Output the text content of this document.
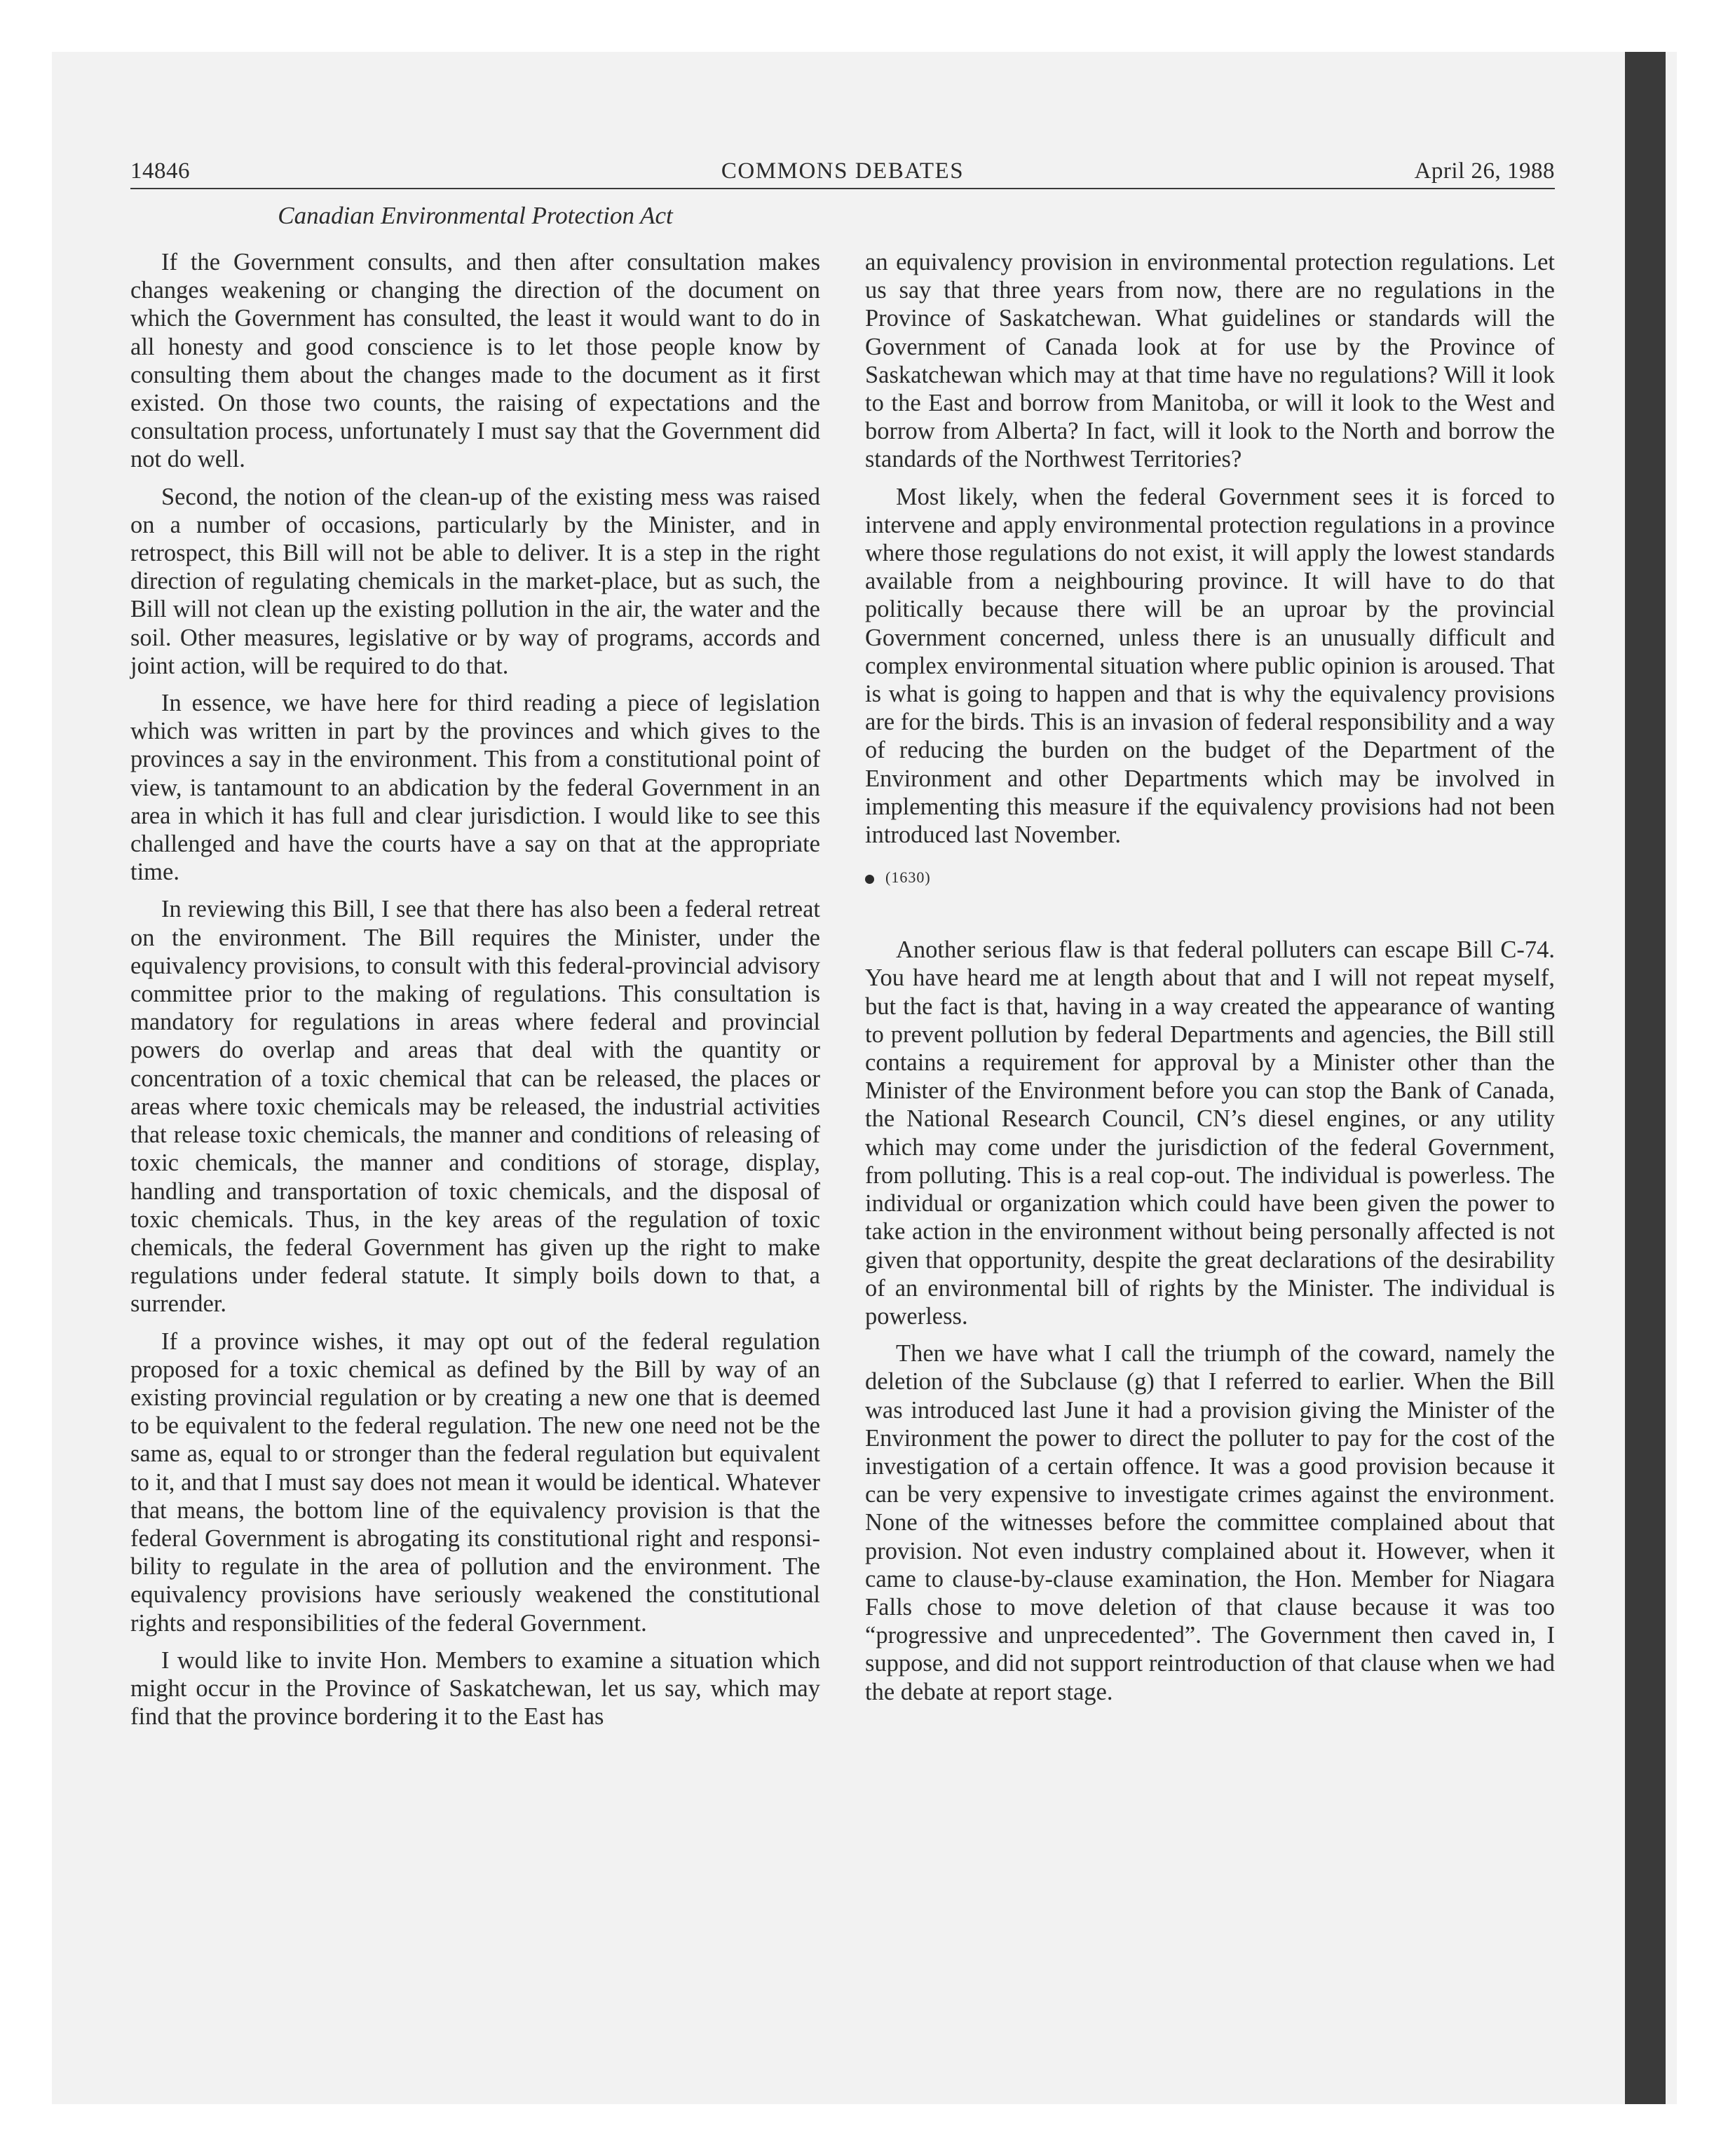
14846	COMMONS DEBATES	April 26, 1988
Canadian Environmental Protection Act

If the Government consults, and then after consultation makes changes weakening or changing the direction of the document on which the Government has consulted, the least it would want to do in all honesty and good conscience is to let those people know by consulting them about the changes made to the document as it first existed. On those two counts, the raising of expectations and the consultation process, unfortunately I must say that the Government did not do well.

Second, the notion of the clean-up of the existing mess was raised on a number of occasions, particularly by the Minister, and in retrospect, this Bill will not be able to deliver. It is a step in the right direction of regulating chemicals in the market-place, but as such, the Bill will not clean up the existing pollution in the air, the water and the soil. Other measures, legislative or by way of programs, accords and joint action, will be required to do that.

In essence, we have here for third reading a piece of legislation which was written in part by the provinces and which gives to the provinces a say in the environment. This from a constitutional point of view, is tantamount to an abdication by the federal Government in an area in which it has full and clear jurisdiction. I would like to see this challenged and have the courts have a say on that at the appropriate time.

In reviewing this Bill, I see that there has also been a federal retreat on the environment. The Bill requires the Minister, under the equivalency provisions, to consult with this federal-provincial advisory committee prior to the making of regulations. This consultation is mandatory for regulations in areas where federal and provincial powers do overlap and areas that deal with the quantity or concentration of a toxic chemical that can be released, the places or areas where toxic chemicals may be released, the industrial activities that release toxic chemicals, the manner and conditions of releasing of toxic chemicals, the manner and conditions of storage, display, handling and transportation of toxic chemicals, and the disposal of toxic chemicals. Thus, in the key areas of the regulation of toxic chemicals, the federal Government has given up the right to make regulations under federal statute. It simply boils down to that, a surrender.

If a province wishes, it may opt out of the federal regulation proposed for a toxic chemical as defined by the Bill by way of an existing provincial regulation or by creating a new one that is deemed to be equivalent to the federal regulation. The new one need not be the same as, equal to or stronger than the federal regulation but equivalent to it, and that I must say does not mean it would be identical. Whatever that means, the bottom line of the equivalency provision is that the federal Government is abrogating its constitutional right and responsibility to regulate in the area of pollution and the environment. The equivalency provisions have seriously weakened the constitutional rights and responsibilities of the federal Government.

I would like to invite Hon. Members to examine a situation which might occur in the Province of Saskatchewan, let us say, which may find that the province bordering it to the East has

an equivalency provision in environmental protection regulations. Let us say that three years from now, there are no regulations in the Province of Saskatchewan. What guidelines or standards will the Government of Canada look at for use by the Province of Saskatchewan which may at that time have no regulations? Will it look to the East and borrow from Manitoba, or will it look to the West and borrow from Alberta? In fact, will it look to the North and borrow the standards of the Northwest Territories?

Most likely, when the federal Government sees it is forced to intervene and apply environmental protection regulations in a province where those regulations do not exist, it will apply the lowest standards available from a neighbouring province. It will have to do that politically because there will be an uproar by the provincial Government concerned, unless there is an unusually difficult and complex environmental situation where public opinion is aroused. That is what is going to happen and that is why the equivalency provisions are for the birds. This is an invasion of federal responsibility and a way of reducing the burden on the budget of the Department of the Environment and other Departments which may be involved in implementing this measure if the equivalency provisions had not been introduced last November.

(1630)

Another serious flaw is that federal polluters can escape Bill C-74. You have heard me at length about that and I will not repeat myself, but the fact is that, having in a way created the appearance of wanting to prevent pollution by federal Departments and agencies, the Bill still contains a requirement for approval by a Minister other than the Minister of the Environment before you can stop the Bank of Canada, the National Research Council, CN’s diesel engines, or any utility which may come under the jurisdiction of the federal Government, from polluting. This is a real cop-out. The individual is powerless. The individual or organization which could have been given the power to take action in the environment without being personally affected is not given that opportunity, despite the great declarations of the desirability of an environmental bill of rights by the Minister. The individual is powerless.

Then we have what I call the triumph of the coward, namely the deletion of the Subclause (g) that I referred to earlier. When the Bill was introduced last June it had a provision giving the Minister of the Environment the power to direct the polluter to pay for the cost of the investigation of a certain offence. It was a good provision because it can be very expensive to investigate crimes against the environment. None of the witnesses before the committee complained about that provision. Not even industry complained about it. However, when it came to clause-by-clause examination, the Hon. Member for Niagara Falls chose to move deletion of that clause because it was too “progressive and unprecedented”. The Government then caved in, I suppose, and did not support reintroduction of that clause when we had the debate at report stage.
